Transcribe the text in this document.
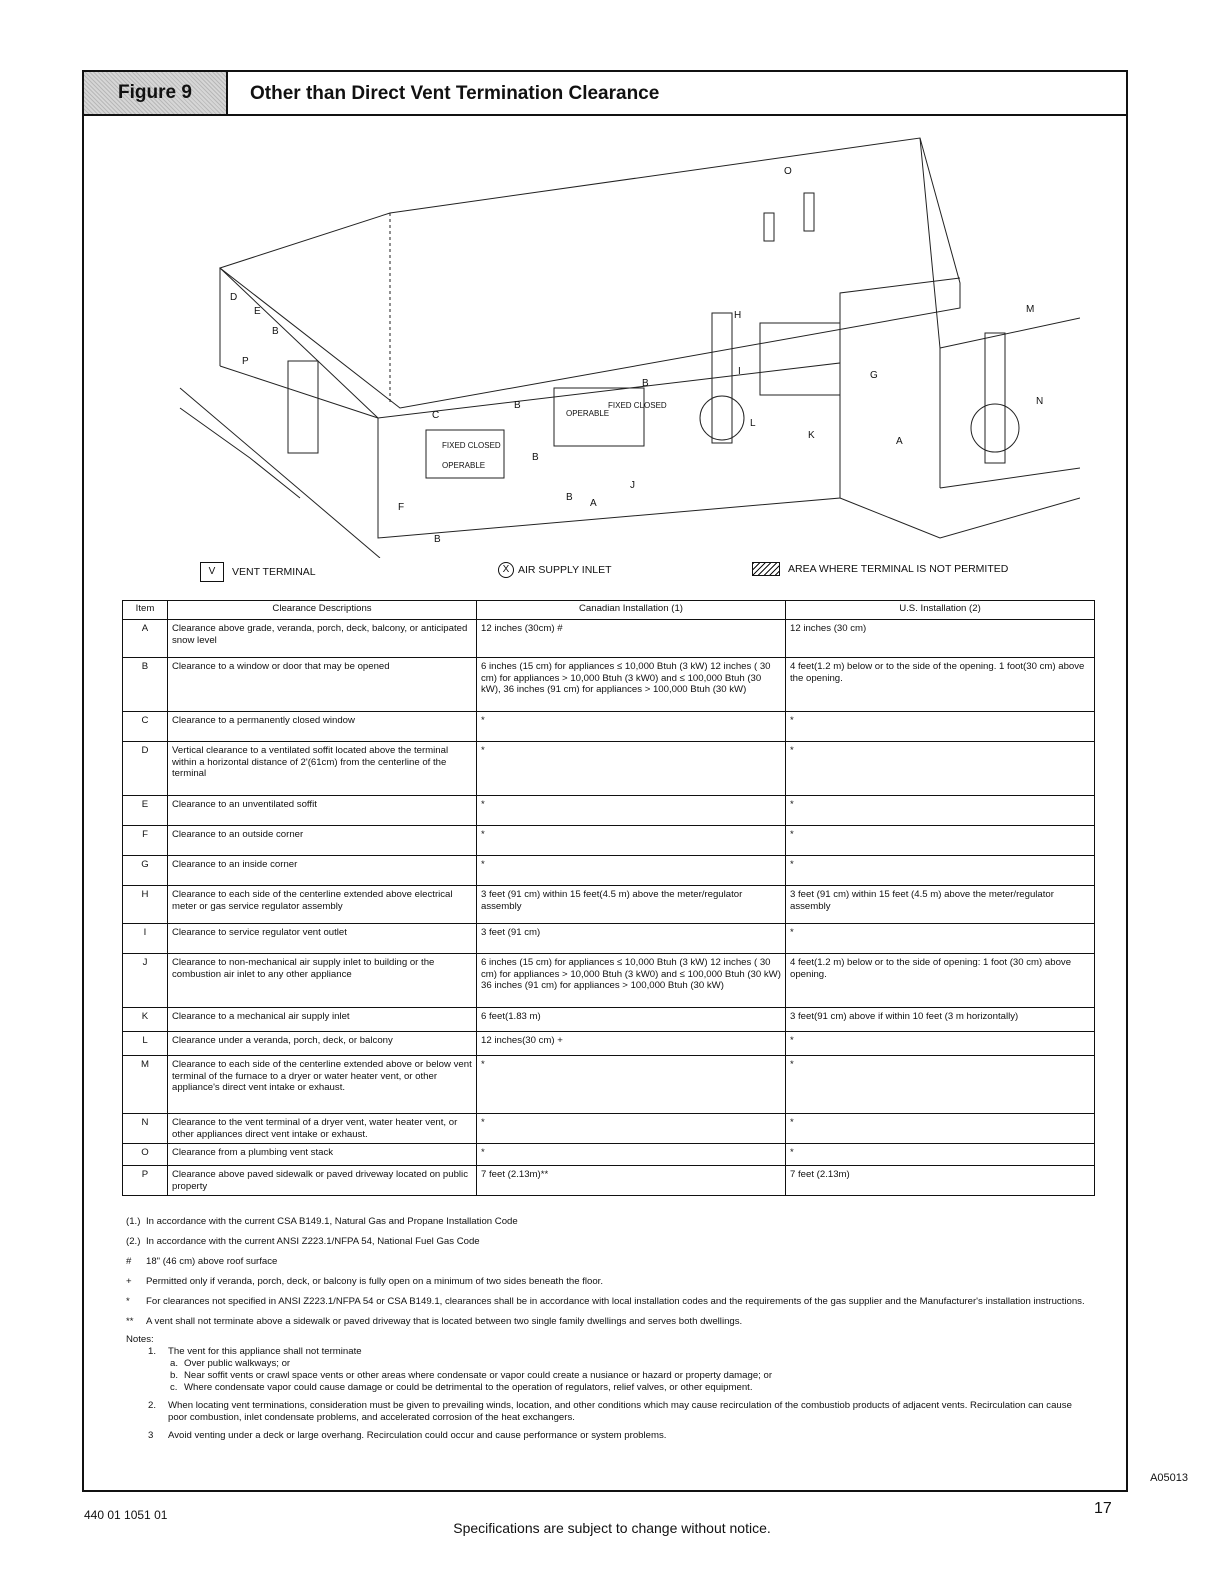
Figure 9	Other than Direct Vent Termination Clearance
O
H
M
N
G
A
I
L
K
J
C
F
D
E
B
P
B
B
B
B
B
A
FIXED CLOSED
OPERABLE
OPERABLE
FIXED CLOSED
V	VENT TERMINAL	X AIR SUPPLY INLET	AREA WHERE TERMINAL IS NOT PERMITED
Item	Clearance Descriptions	Canadian Installation (1)	U.S. Installation (2)
A	Clearance above grade, veranda, porch, deck, balcony, or anticipated snow level	12 inches (30cm) #	12 inches (30 cm)
B	Clearance to a window or door that may be opened	6 inches (15 cm) for appliances ≤ 10,000 Btuh (3 kW) 12 inches ( 30 cm) for appliances > 10,000 Btuh (3 kW0) and ≤ 100,000 Btuh (30 kW), 36 inches (91 cm) for appliances > 100,000 Btuh (30 kW)	4 feet(1.2 m) below or to the side of the opening. 1 foot(30 cm) above the opening.
C	Clearance to a permanently closed window	*	*
D	Vertical clearance to a ventilated soffit located above the terminal within a horizontal distance of 2'(61cm) from the centerline of the terminal	*	*
E	Clearance to an unventilated soffit	*	*
F	Clearance to an outside corner	*	*
G	Clearance to an inside corner	*	*
H	Clearance to each side of the centerline extended above electrical meter or gas service regulator assembly	3 feet (91 cm) within 15 feet(4.5 m) above the meter/regulator assembly	3 feet (91 cm) within 15 feet (4.5 m) above the meter/regulator assembly
I	Clearance to service regulator vent outlet	3 feet (91 cm)	*
J	Clearance to non-mechanical air supply inlet to building or the combustion air inlet to any other appliance	6 inches (15 cm) for appliances ≤ 10,000 Btuh (3 kW) 12 inches ( 30 cm) for appliances > 10,000 Btuh (3 kW0) and ≤ 100,000 Btuh (30 kW) 36 inches (91 cm) for appliances > 100,000 Btuh (30 kW)	4 feet(1.2 m) below or to the side of opening: 1 foot (30 cm) above opening.
K	Clearance to a mechanical air supply inlet	6 feet(1.83 m)	3 feet(91 cm) above if within 10 feet (3 m horizontally)
L	Clearance under a veranda, porch, deck, or balcony	12 inches(30 cm) +	*
M	Clearance to each side of the centerline extended above or below vent terminal of the furnace to a dryer or water heater vent, or other appliance's direct vent intake or exhaust.	*	*
N	Clearance to the vent terminal of a dryer vent, water heater vent, or other appliances direct vent intake or exhaust.	*	*
O	Clearance from a plumbing vent stack	*	*
P	Clearance above paved sidewalk or paved driveway located on public property	7 feet (2.13m)**	7 feet (2.13m)
(1.) In accordance with the current CSA B149.1, Natural Gas and Propane Installation Code
(2.) In accordance with the current ANSI Z223.1/NFPA 54, National Fuel Gas Code
#	18" (46 cm) above roof surface
+	Permitted only if veranda, porch, deck, or balcony is fully open on a minimum of two sides beneath the floor.
*	For clearances not specified in ANSI Z223.1/NFPA 54 or CSA B149.1, clearances shall be in accordance with local installation codes and the requirements of the gas supplier and the Manufacturer's installation instructions.
**	A vent shall not terminate above a sidewalk or paved driveway that is located between two single family dwellings and serves both dwellings.
Notes:
1.	The vent for this appliance shall not terminate
a. Over public walkways; or
b. Near soffit vents or crawl space vents or other areas where condensate or vapor could create a nusiance or hazard or property damage; or
c. Where condensate vapor could cause damage or could be detrimental to the operation of regulators, relief valves, or other equipment.
2.	When locating vent terminations, consideration must be given to prevailing winds, location, and other conditions which may cause recirculation of the combustiob products of adjacent vents. Recirculation can cause poor combustion, inlet condensate problems, and accelerated corrosion of the heat exchangers.
3	Avoid venting under a deck or large overhang. Recirculation could occur and cause performance or system problems.
A05013
440 01 1051 01	17
Specifications are subject to change without notice.
